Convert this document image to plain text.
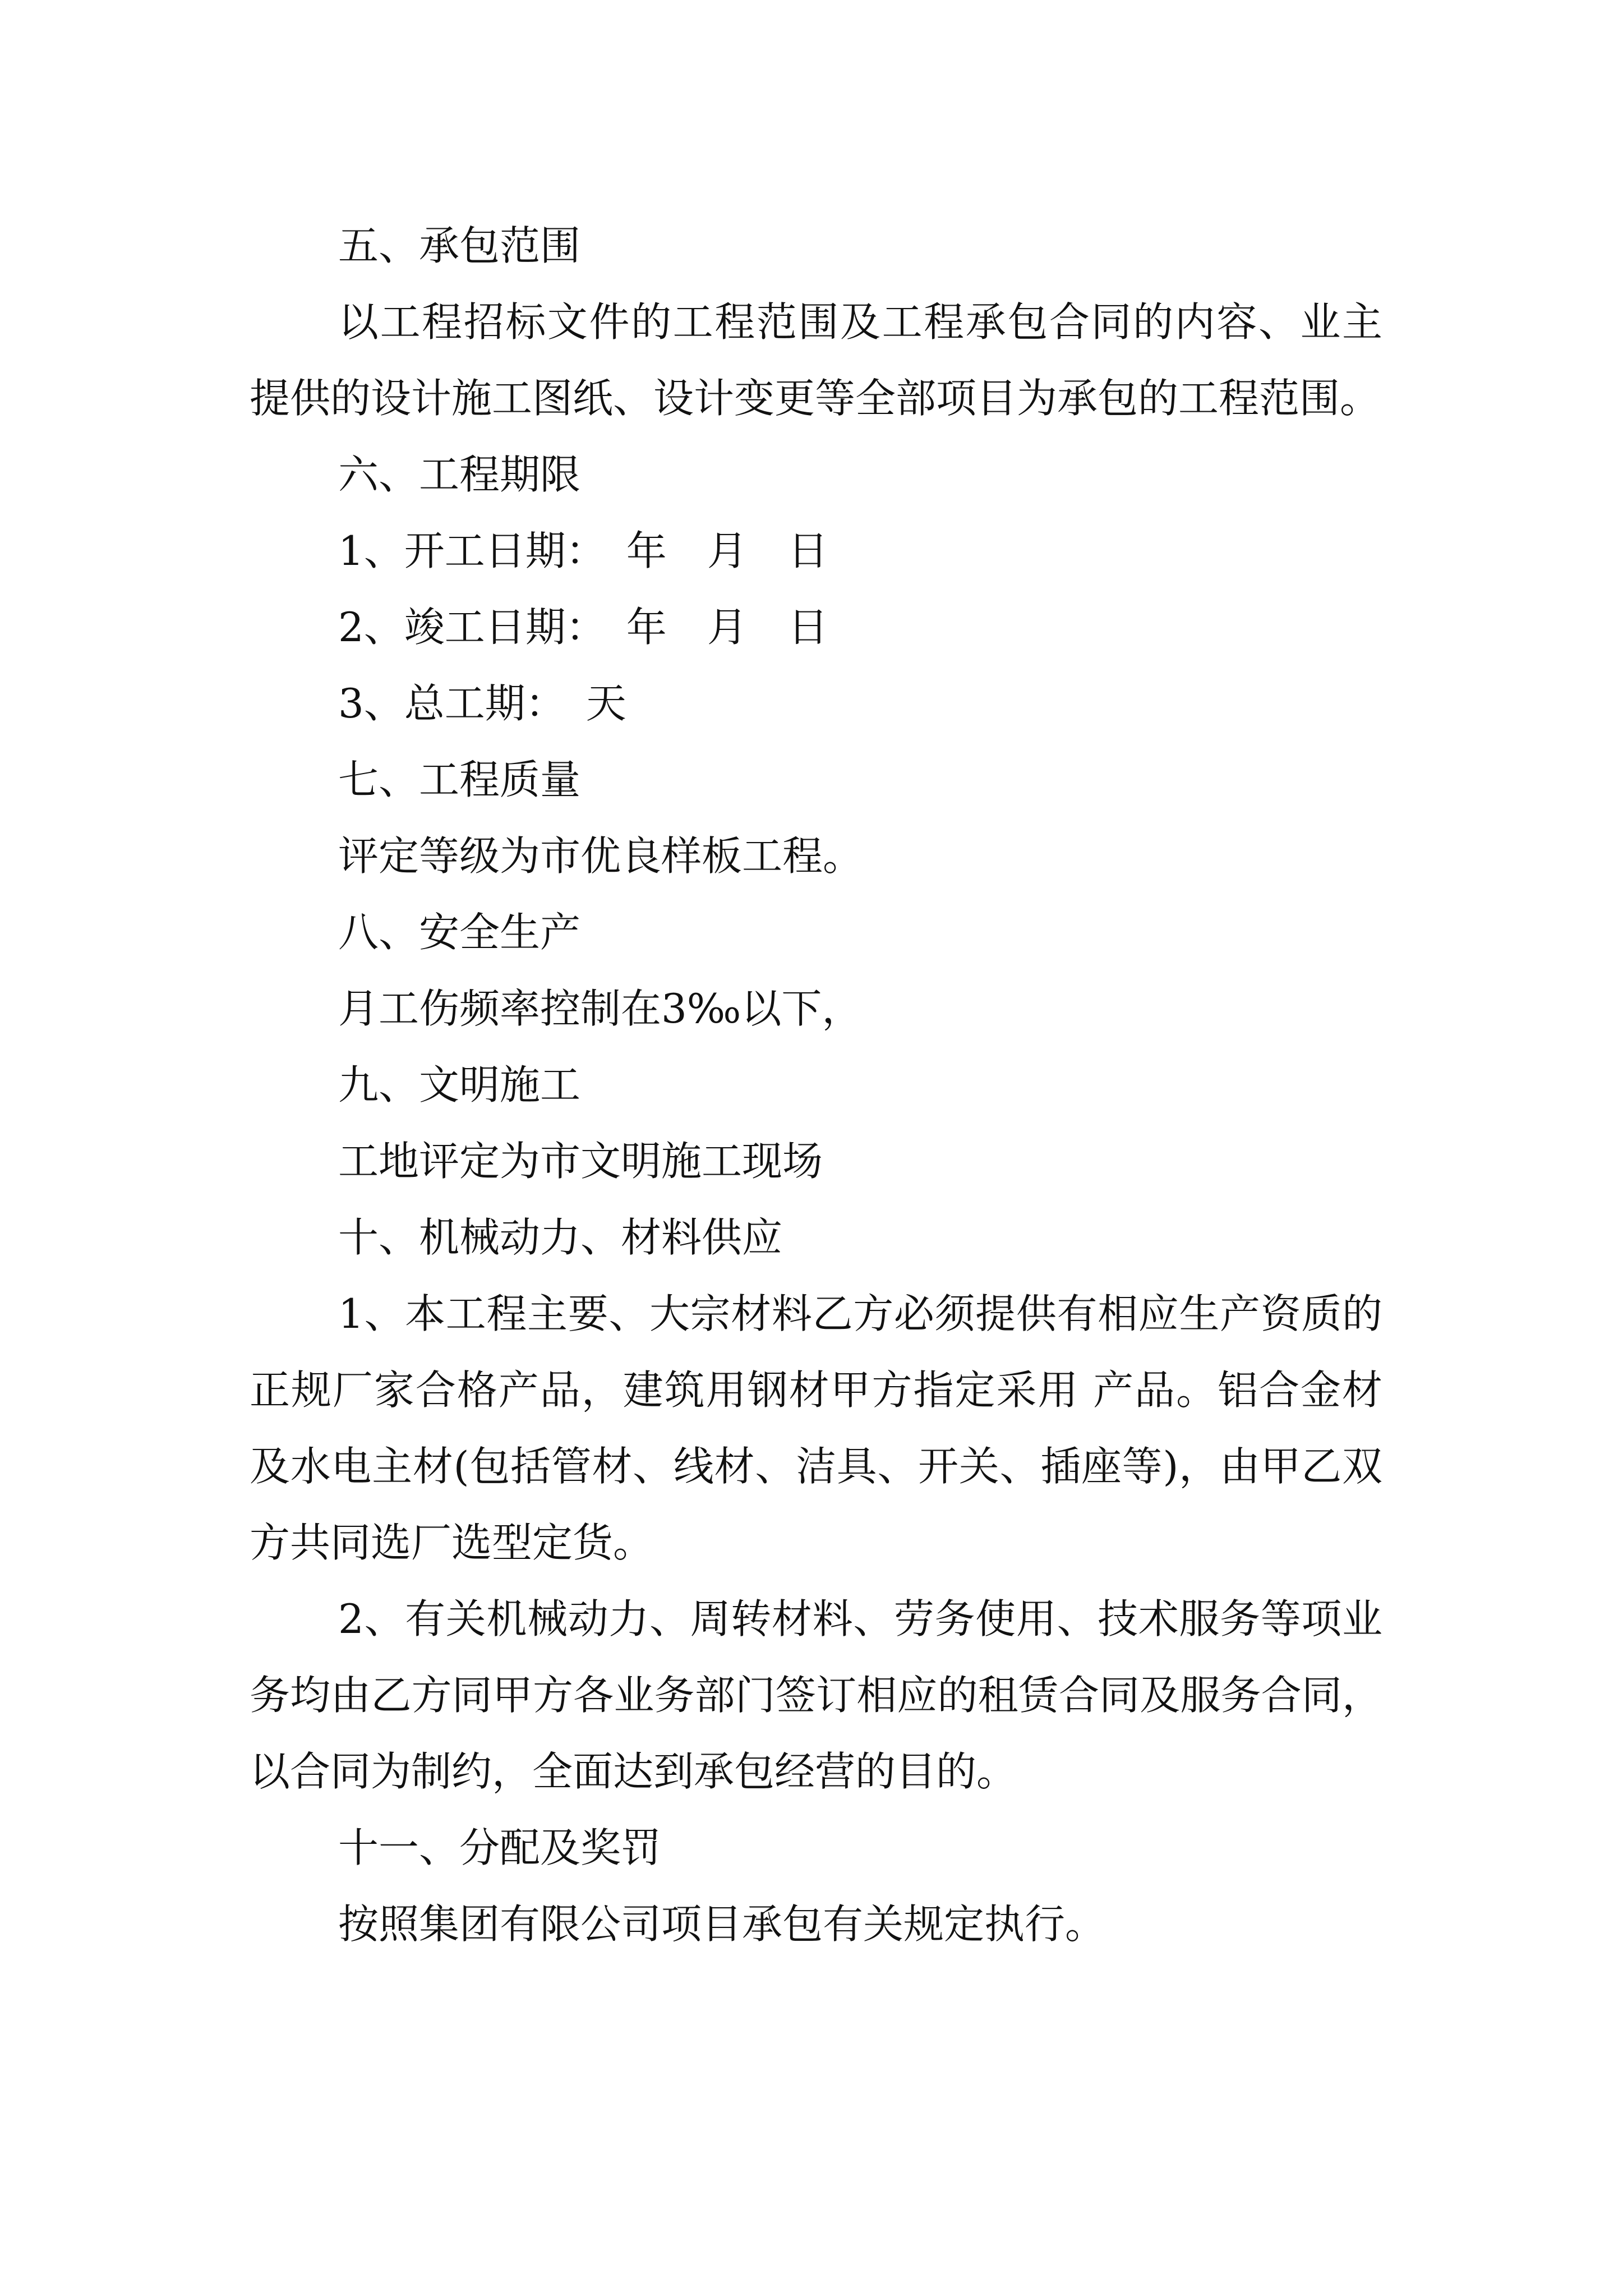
五、承包范围

以工程招标文件的工程范围及工程承包合同的内容、业主提供的设计施工图纸、设计变更等全部项目为承包的工程范围。

六、工程期限

1、开工日期：　年　月　日

2、竣工日期：　年　月　日

3、总工期：　天

七、工程质量

评定等级为市优良样板工程。

八、安全生产

月工伤频率控制在3‰以下，

九、文明施工

工地评定为市文明施工现场

十、机械动力、材料供应

1、本工程主要、大宗材料乙方必须提供有相应生产资质的正规厂家合格产品，建筑用钢材甲方指定采用 产品。铝合金材及水电主材(包括管材、线材、洁具、开关、插座等)，由甲乙双方共同选厂选型定货。

2、有关机械动力、周转材料、劳务使用、技术服务等项业务均由乙方同甲方各业务部门签订相应的租赁合同及服务合同，以合同为制约，全面达到承包经营的目的。

十一、分配及奖罚

按照集团有限公司项目承包有关规定执行。
